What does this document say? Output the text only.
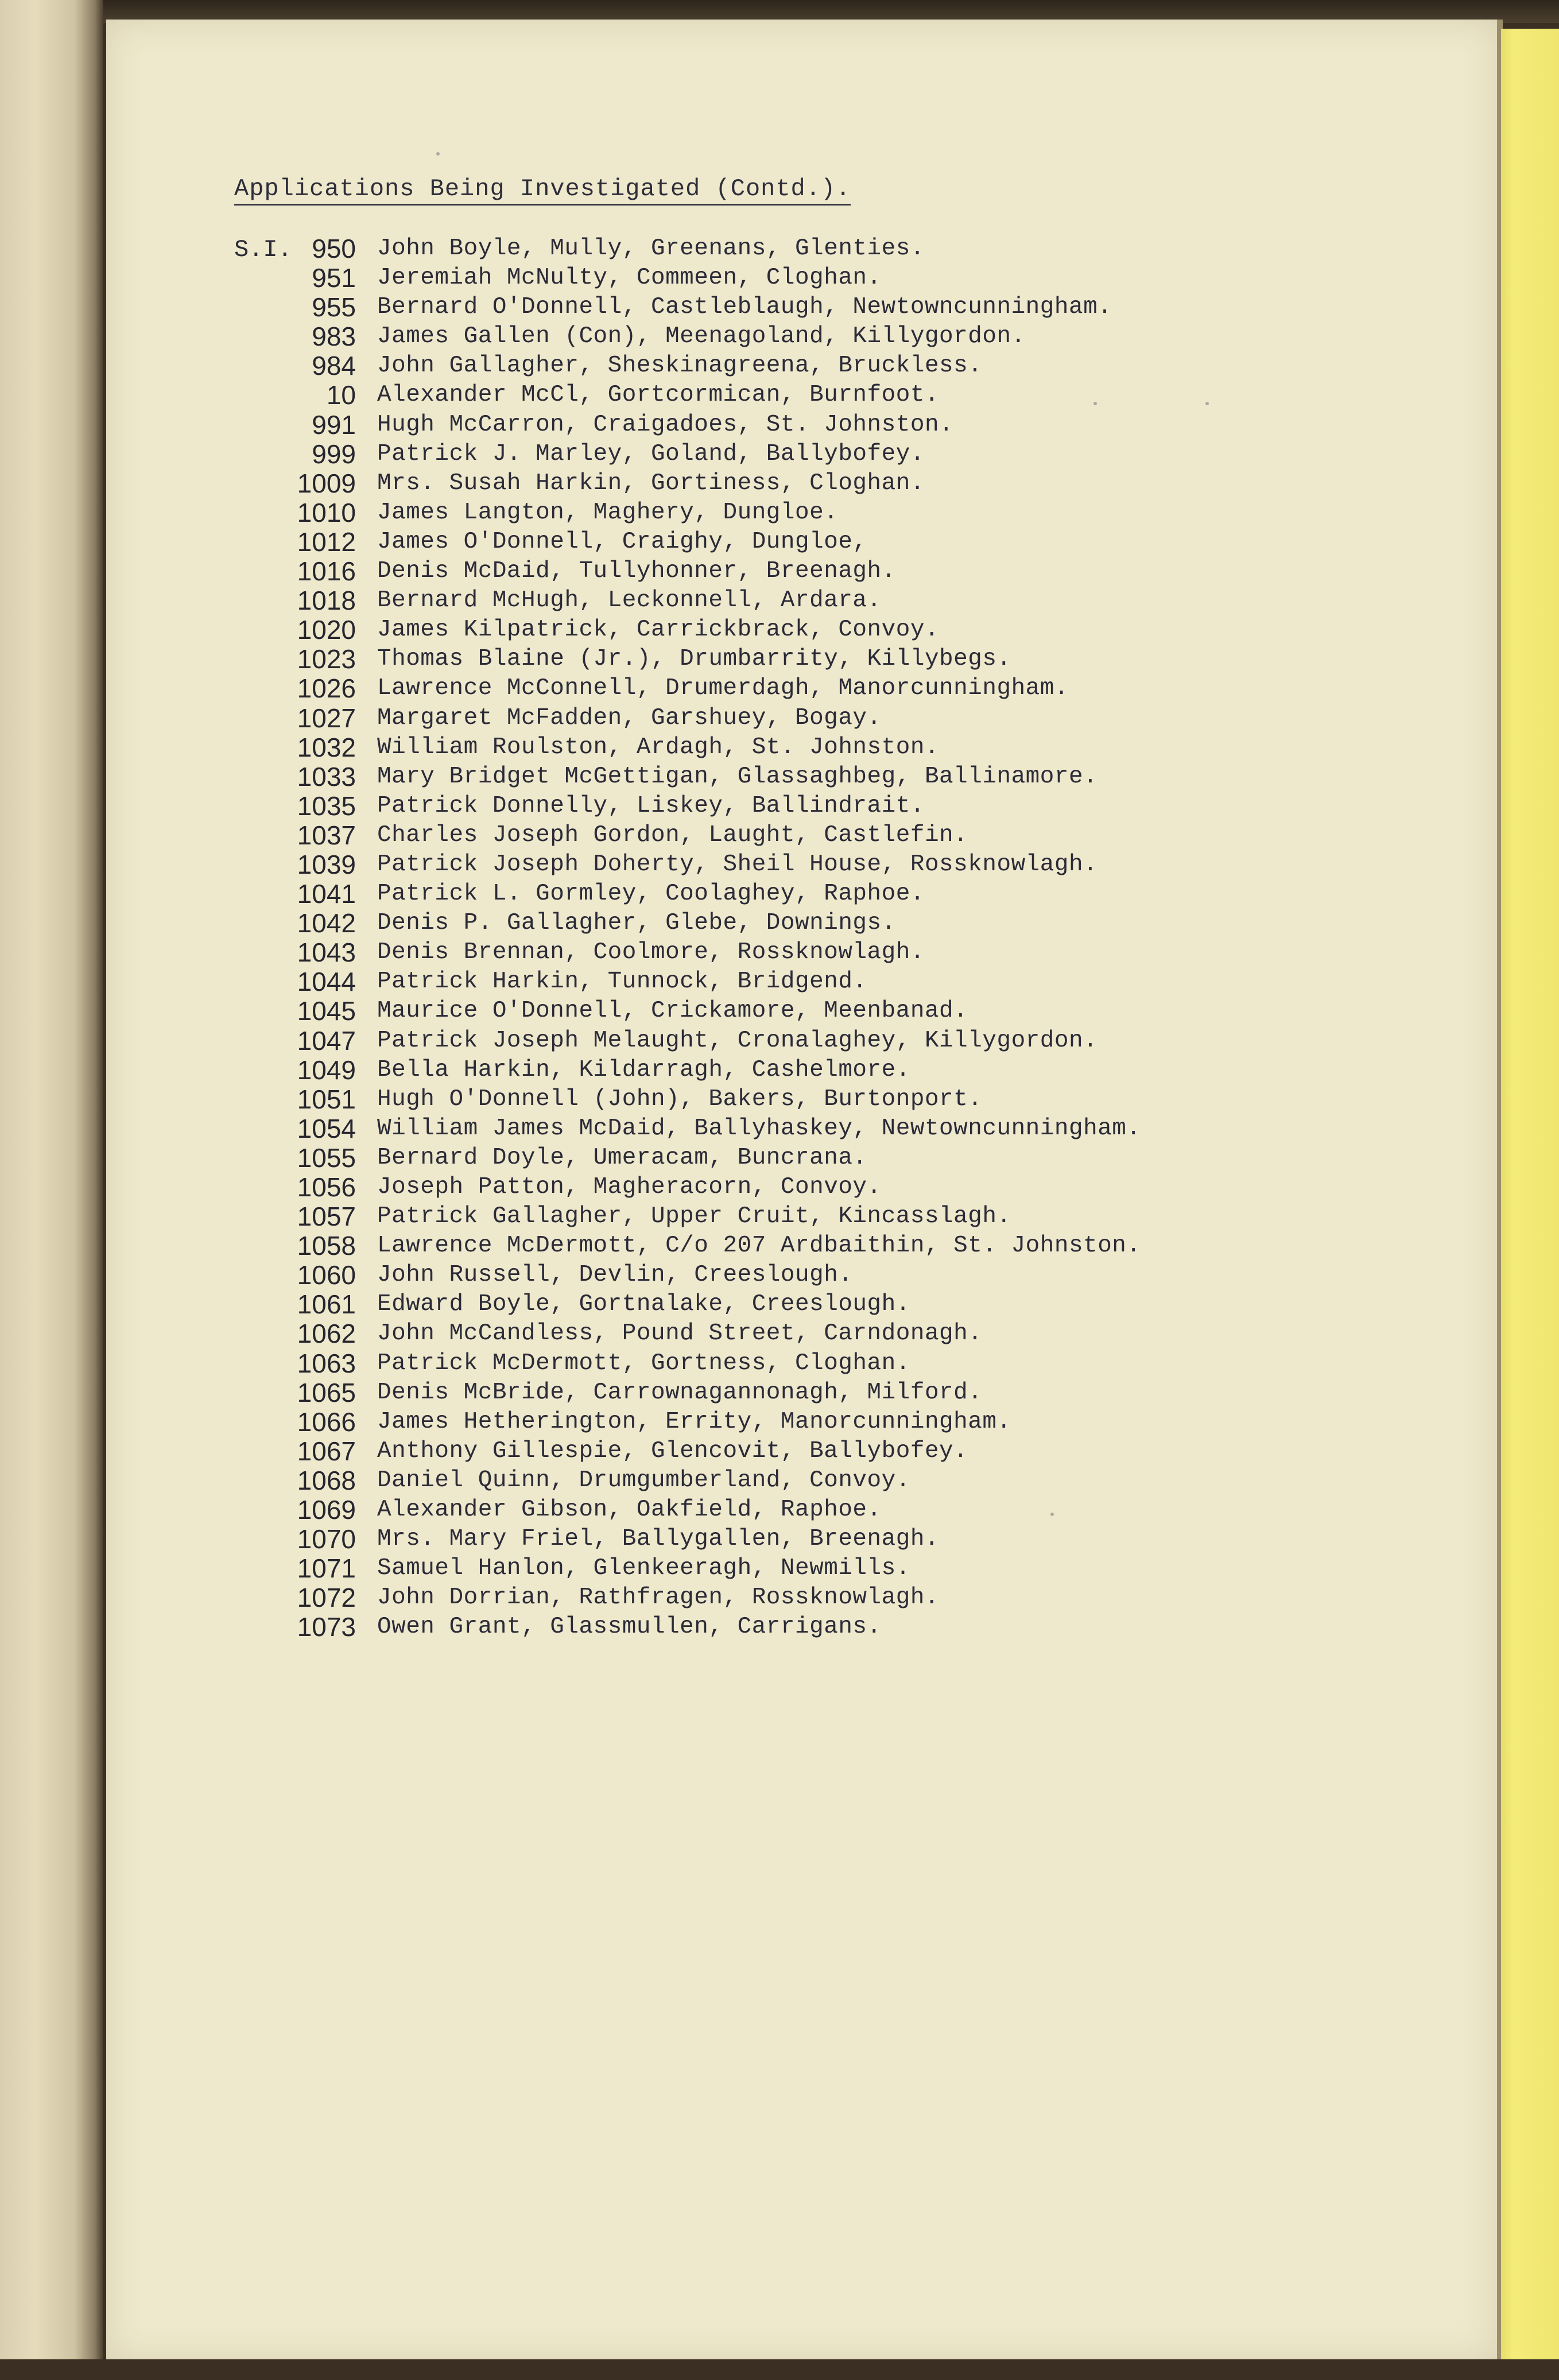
Applications Being Investigated (Contd.).
S.I. 950 John Boyle, Mully, Greenans, Glenties.
951 Jeremiah McNulty, Commeen, Cloghan.
955 Bernard O'Donnell, Castleblaugh, Newtowncunningham.
983 James Gallen (Con), Meenagoland, Killygordon.
984 John Gallagher, Sheskinagreena, Bruckless.
10 Alexander McCl, Gortcormican, Burnfoot.
991 Hugh McCarron, Craigadoes, St. Johnston.
999 Patrick J. Marley, Goland, Ballybofey.
1009 Mrs. Susah Harkin, Gortiness, Cloghan.
1010 James Langton, Maghery, Dungloe.
1012 James O'Donnell, Craighy, Dungloe,
1016 Denis McDaid, Tullyhonner, Breenagh.
1018 Bernard McHugh, Leckonnell, Ardara.
1020 James Kilpatrick, Carrickbrack, Convoy.
1023 Thomas Blaine (Jr.), Drumbarrity, Killybegs.
1026 Lawrence McConnell, Drumerdagh, Manorcunningham.
1027 Margaret McFadden, Garshuey, Bogay.
1032 William Roulston, Ardagh, St. Johnston.
1033 Mary Bridget McGettigan, Glassaghbeg, Ballinamore.
1035 Patrick Donnelly, Liskey, Ballindrait.
1037 Charles Joseph Gordon, Laught, Castlefin.
1039 Patrick Joseph Doherty, Sheil House, Rossknowlagh.
1041 Patrick L. Gormley, Coolaghey, Raphoe.
1042 Denis P. Gallagher, Glebe, Downings.
1043 Denis Brennan, Coolmore, Rossknowlagh.
1044 Patrick Harkin, Tunnock, Bridgend.
1045 Maurice O'Donnell, Crickamore, Meenbanad.
1047 Patrick Joseph Melaught, Cronalaghey, Killygordon.
1049 Bella Harkin, Kildarragh, Cashelmore.
1051 Hugh O'Donnell (John), Bakers, Burtonport.
1054 William James McDaid, Ballyhaskey, Newtowncunningham.
1055 Bernard Doyle, Umeracam, Buncrana.
1056 Joseph Patton, Magheracorn, Convoy.
1057 Patrick Gallagher, Upper Cruit, Kincasslagh.
1058 Lawrence McDermott, C/o 207 Ardbaithin, St. Johnston.
1060 John Russell, Devlin, Creeslough.
1061 Edward Boyle, Gortnalake, Creeslough.
1062 John McCandless, Pound Street, Carndonagh.
1063 Patrick McDermott, Gortness, Cloghan.
1065 Denis McBride, Carrownagannonagh, Milford.
1066 James Hetherington, Errity, Manorcunningham.
1067 Anthony Gillespie, Glencovit, Ballybofey.
1068 Daniel Quinn, Drumgumberland, Convoy.
1069 Alexander Gibson, Oakfield, Raphoe.
1070 Mrs. Mary Friel, Ballygallen, Breenagh.
1071 Samuel Hanlon, Glenkeeragh, Newmills.
1072 John Dorrian, Rathfragen, Rossknowlagh.
1073 Owen Grant, Glassmullen, Carrigans.
